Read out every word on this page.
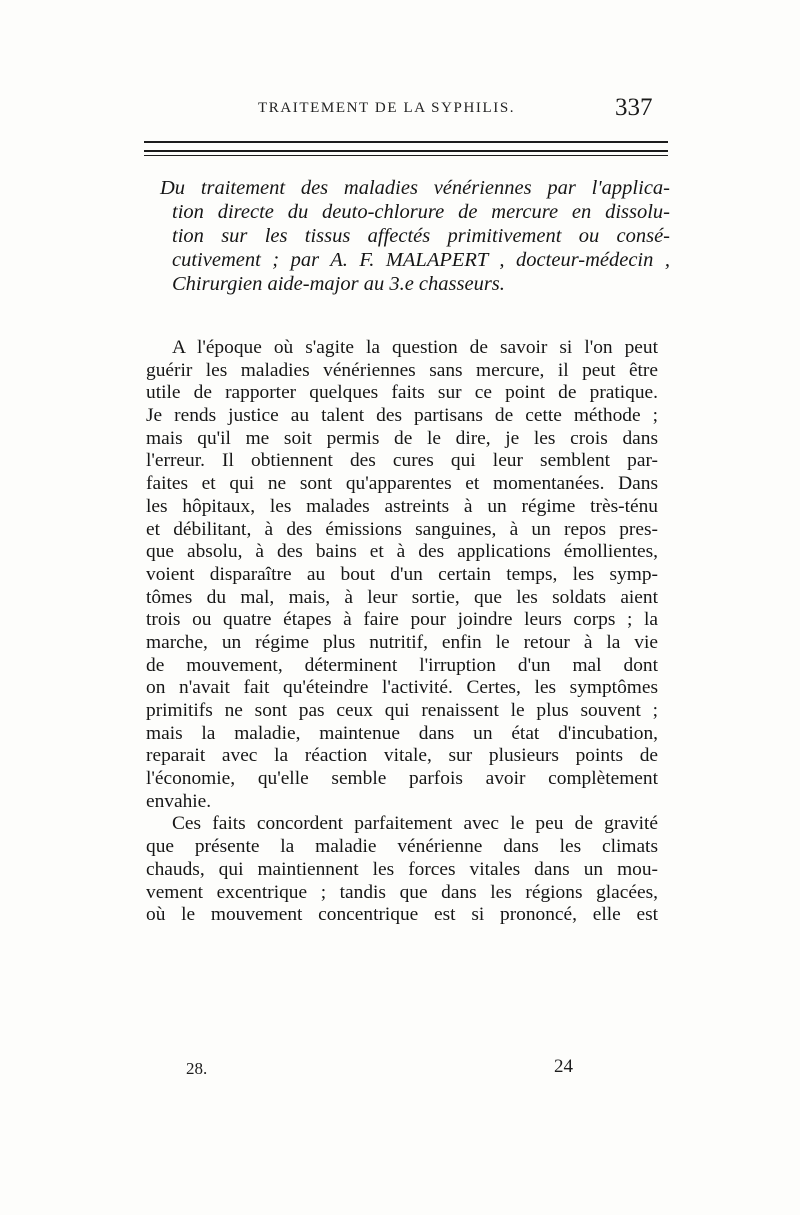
TRAITEMENT DE LA SYPHILIS.	337
Du traitement des maladies vénériennes par l'applica-
tion directe du deuto-chlorure de mercure en dissolu-
tion sur les tissus affectés primitivement ou consé-
cutivement ; par A. F. MALAPERT , docteur-médecin ,
Chirurgien aide-major au 3.e chasseurs.
A l'époque où s'agite la question de savoir si l'on peut
guérir les maladies vénériennes sans mercure, il peut être
utile de rapporter quelques faits sur ce point de pratique.
Je rends justice au talent des partisans de cette méthode ;
mais qu'il me soit permis de le dire, je les crois dans
l'erreur. Il obtiennent des cures qui leur semblent par-
faites et qui ne sont qu'apparentes et momentanées. Dans
les hôpitaux, les malades astreints à un régime très-ténu
et débilitant, à des émissions sanguines, à un repos pres-
que absolu, à des bains et à des applications émollientes,
voient disparaître au bout d'un certain temps, les symp-
tômes du mal, mais, à leur sortie, que les soldats aient
trois ou quatre étapes à faire pour joindre leurs corps ; la
marche, un régime plus nutritif, enfin le retour à la vie
de mouvement, déterminent l'irruption d'un mal dont
on n'avait fait qu'éteindre l'activité. Certes, les symptômes
primitifs ne sont pas ceux qui renaissent le plus souvent ;
mais la maladie, maintenue dans un état d'incubation,
reparait avec la réaction vitale, sur plusieurs points de
l'économie, qu'elle semble parfois avoir complètement
envahie.
Ces faits concordent parfaitement avec le peu de gravité
que présente la maladie vénérienne dans les climats
chauds, qui maintiennent les forces vitales dans un mou-
vement excentrique ; tandis que dans les régions glacées,
où le mouvement concentrique est si prononcé, elle est
28.	24
